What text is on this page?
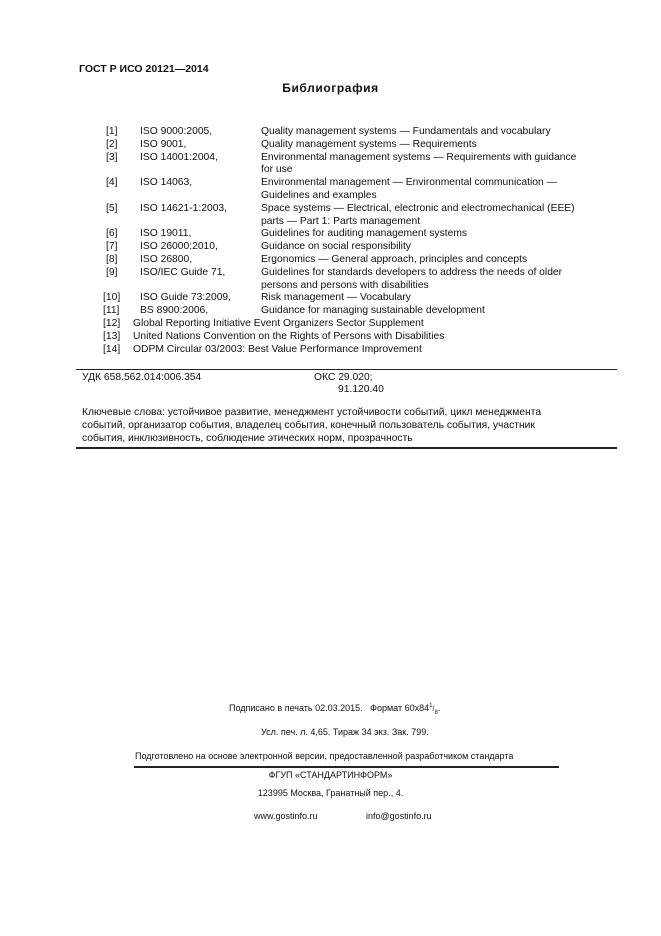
ГОСТ Р ИСО 20121—2014
Библиография
[1] ISO 9000:2005,	Quality management systems — Fundamentals and vocabulary
[2] ISO 9001,	Quality management systems — Requirements
[3] ISO 14001:2004,	Environmental management systems — Requirements with guidance
for use
[4] ISO 14063,	Environmental management — Environmental communication —
Guidelines and examples
[5] ISO 14621-1:2003,	Space systems — Electrical, electronic and electromechanical (EEE)
parts — Part 1: Parts management
[6] ISO 19011,	Guidelines for auditing management systems
[7] ISO 26000:2010,	Guidance on social responsibility
[8] ISO 26800,	Ergonomics — General approach, principles and concepts
[9] ISO/IEC Guide 71,	Guidelines for standards developers to address the needs of older
persons and persons with disabilities
[10]	ISO Guide 73:2009,	Risk management — Vocabulary
[11]	BS 8900:2006,	Guidance for managing sustainable development
[12] Global Reporting Initiative Event Organizers Sector Supplement
[13] United Nations Convention on the Rights of Persons with Disabilities
[14] ODPM Circular 03/2003: Best Value Performance Improvement
УДК 658.562.014:006.354	ОКС 29.020;
91.120.40
Ключевые слова: устойчивое развитие, менеджмент устойчивости событий, цикл менеджмента
событий, организатор события, владелец события, конечный пользователь события, участник
события, инклюзивность, соблюдение этических норм, прозрачность
Подписано в печать 02.03.2015. Формат $60x84^1/_8$.
Усл. печ. л. 4,65. Тираж 34 экз. Зак. 799.
Подготовлено на основе электронной версии, предоставленной разработчиком стандарта
ФГУП «СТАНДАРТИНФОРМ»
123995 Москва, Гранатный пер., 4.
www.gostinfo.ru	info@gostinfo.ru
